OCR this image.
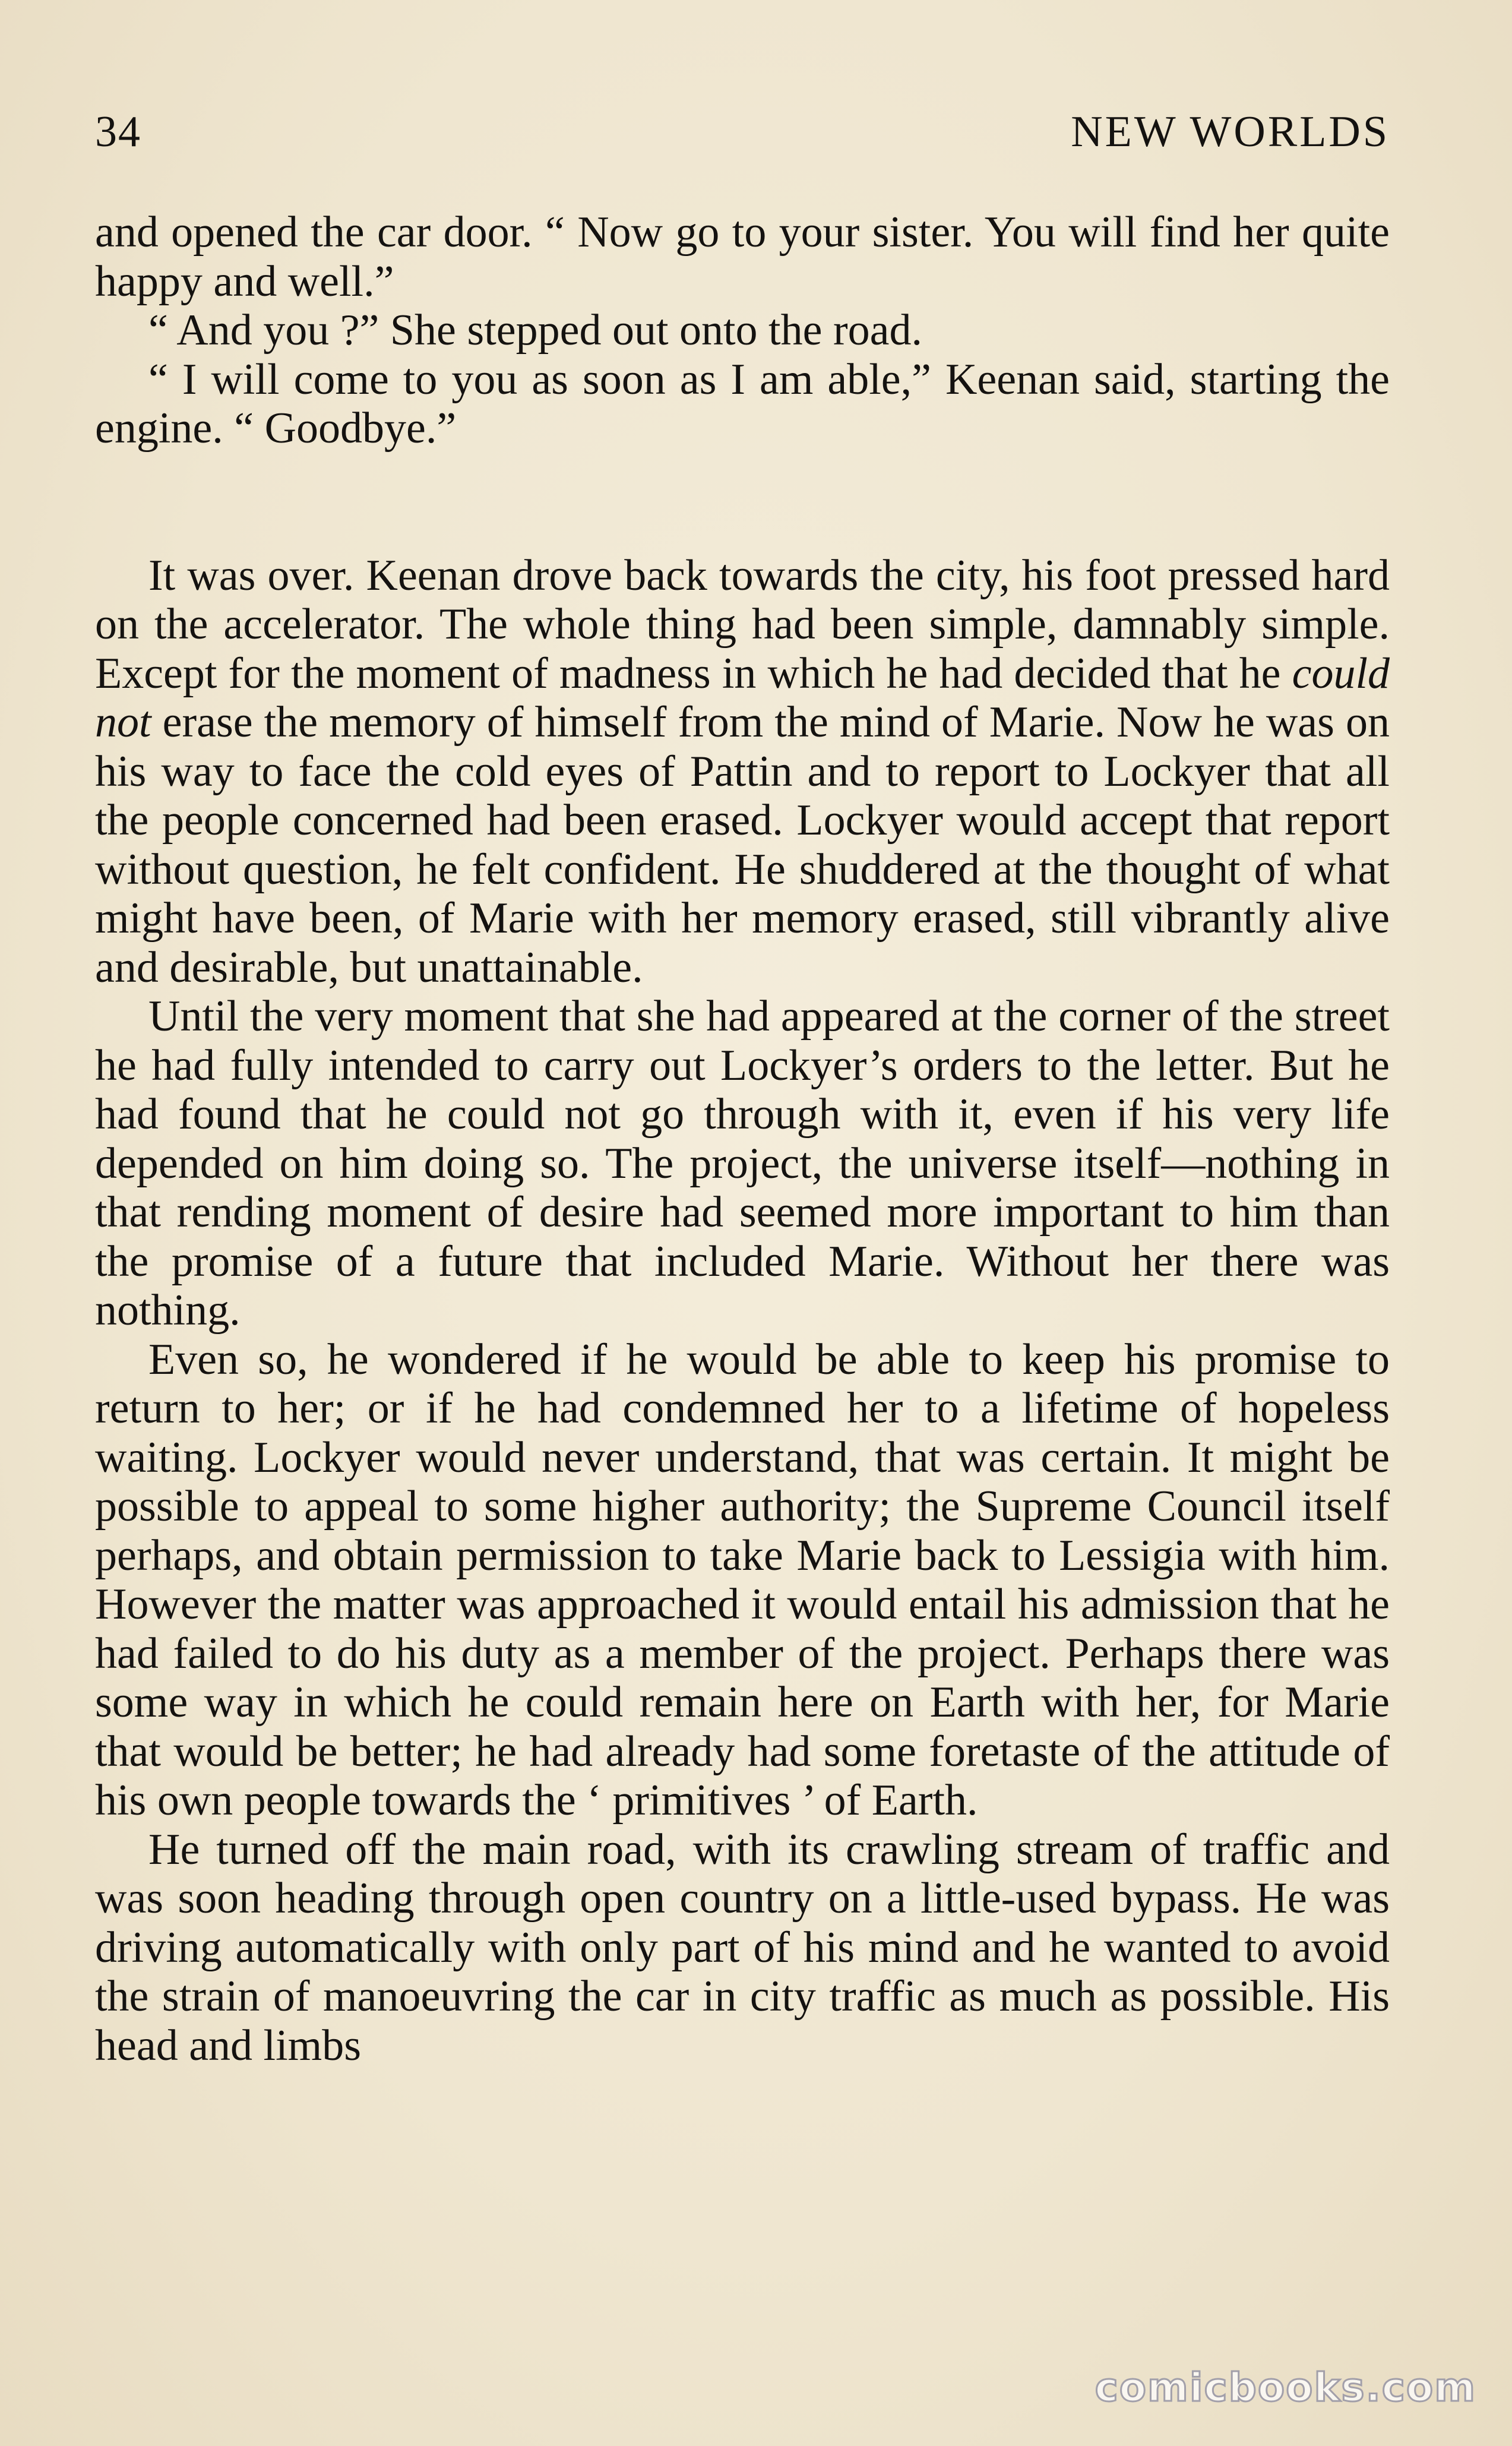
34	NEW WORLDS

and opened the car door. “ Now go to your sister. You will find her quite happy and well.”

“ And you ?” She stepped out onto the road.

“ I will come to you as soon as I am able,” Keenan said, starting the engine. “ Goodbye.”

It was over. Keenan drove back towards the city, his foot pressed hard on the accelerator. The whole thing had been simple, damnably simple. Except for the moment of madness in which he had decided that he could not erase the memory of himself from the mind of Marie. Now he was on his way to face the cold eyes of Pattin and to report to Lockyer that all the people concerned had been erased. Lockyer would accept that report without question, he felt confident. He shuddered at the thought of what might have been, of Marie with her memory erased, still vibrantly alive and desirable, but unattainable.

Until the very moment that she had appeared at the corner of the street he had fully intended to carry out Lockyer’s orders to the letter. But he had found that he could not go through with it, even if his very life depended on him doing so. The project, the universe itself—nothing in that rending moment of desire had seemed more important to him than the promise of a future that included Marie. Without her there was nothing.

Even so, he wondered if he would be able to keep his promise to return to her; or if he had condemned her to a lifetime of hopeless waiting. Lockyer would never understand, that was certain. It might be possible to appeal to some higher authority; the Supreme Council itself perhaps, and obtain permission to take Marie back to Lessigia with him. However the matter was approached it would entail his admission that he had failed to do his duty as a member of the project. Perhaps there was some way in which he could remain here on Earth with her, for Marie that would be better; he had already had some foretaste of the attitude of his own people towards the ‘ primitives ’ of Earth.

He turned off the main road, with its crawling stream of traffic and was soon heading through open country on a little-used bypass. He was driving automatically with only part of his mind and he wanted to avoid the strain of manoeuvring the car in city traffic as much as possible. His head and limbs

comicbooks.com
